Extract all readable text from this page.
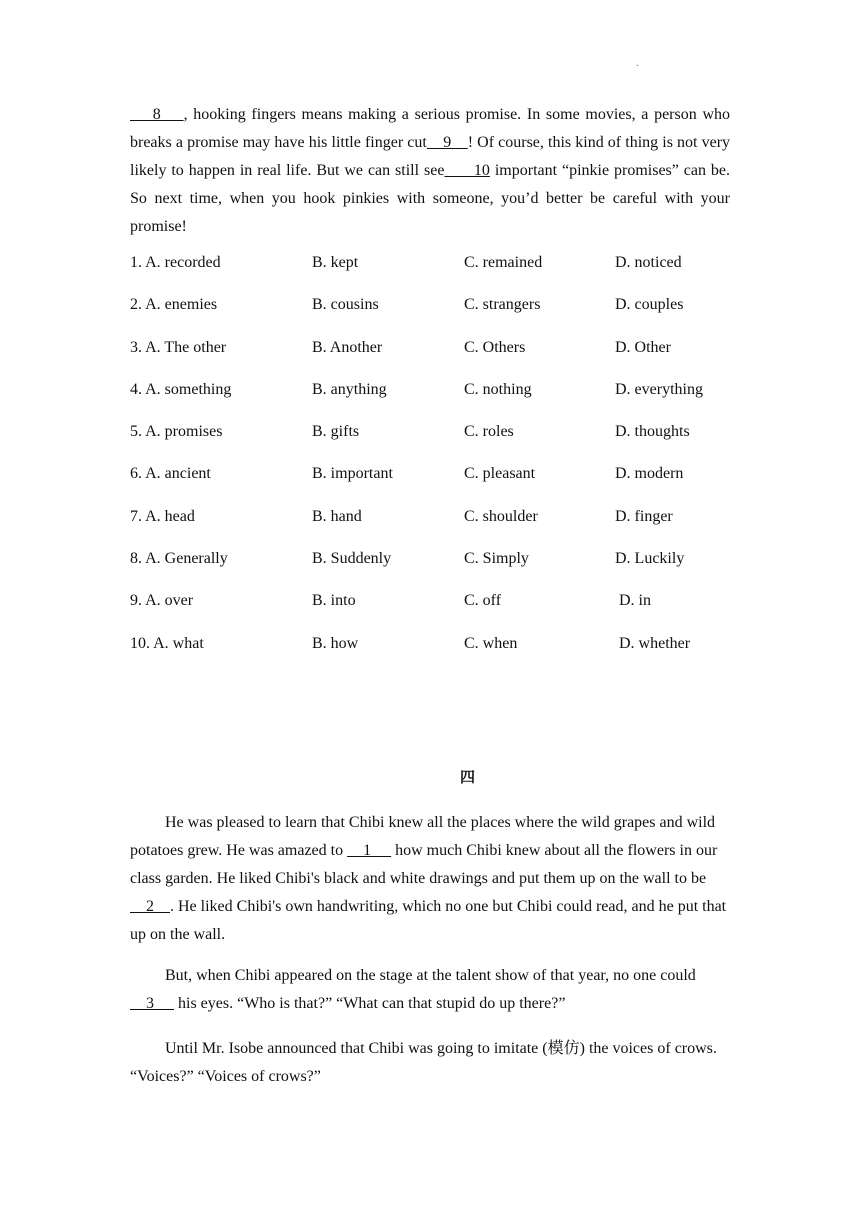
.

8    , hooking fingers means making a serious promise. In some movies, a person who breaks a promise may have his little finger cut    9    ! Of course, this kind of thing is not very likely to happen in real life. But we can still see      10 important “pinkie promises” can be. So next time, when you hook pinkies with someone, you’d better be careful with your promise!

1. A. recorded	B. kept	C. remained	D. noticed
2. A. enemies	B. cousins	C. strangers	D. couples
3. A. The other	B. Another	C. Others	D. Other
4. A. something	B. anything	C. nothing	D. everything
5. A. promises	B. gifts	C. roles	D. thoughts
6. A. ancient	B. important	C. pleasant	D. modern
7. A. head	B. hand	C. shoulder	D. finger
8. A. Generally	B. Suddenly	C. Simply	D. Luckily
9. A. over	B. into	C. off	D. in
10. A. what	B. how	C. when	D. whether
四

He was pleased to learn that Chibi knew all the places where the wild grapes and wild potatoes grew. He was amazed to     1      how much Chibi knew about all the flowers in our class garden. He liked Chibi's black and white drawings and put them up on the wall to be     2    . He liked Chibi's own handwriting, which no one but Chibi could read, and he put that up on the wall.

But, when Chibi appeared on the stage at the talent show of that year, no one could     3      his eyes. “Who is that?” “What can that stupid do up there?”

Until Mr. Isobe announced that Chibi was going to imitate (模仿) the voices of crows. “Voices?” “Voices of crows?”
